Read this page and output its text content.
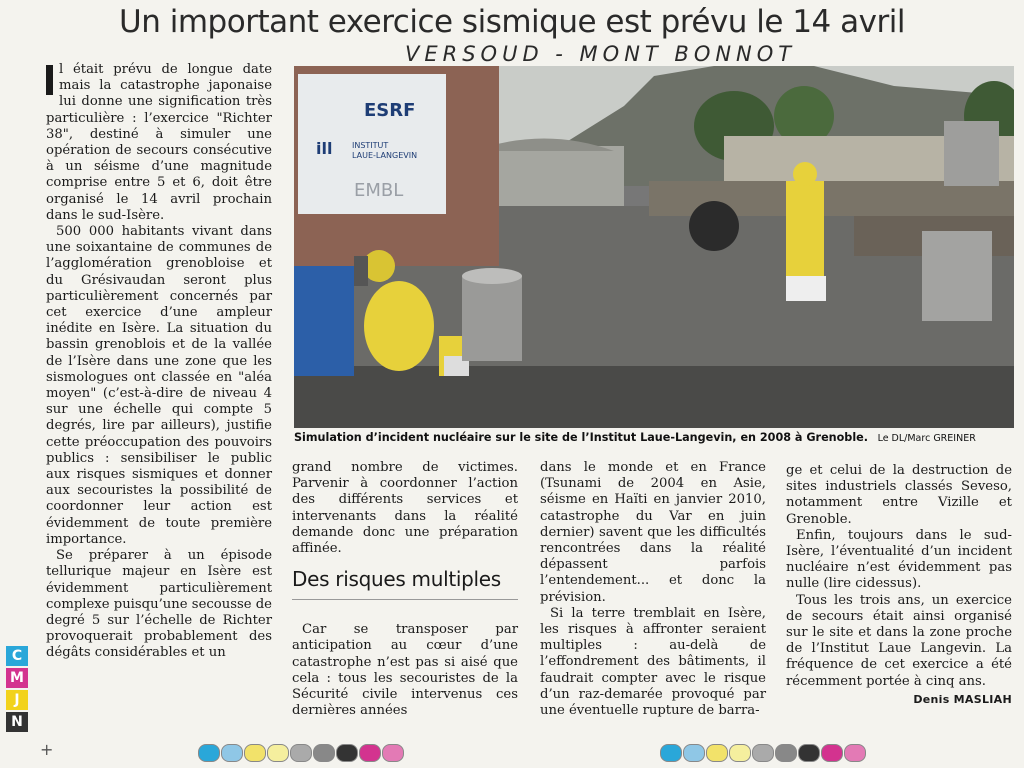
Un important exercice sismique est prévu le 14 avril
VERSOUD - MONT BONNOT

l était prévu de longue date mais la catastrophe japonaise lui donne une signification très particulière : l’exercice "Richter 38", destiné à simuler une opération de secours consécutive à un séisme d’une magnitude comprise entre 5 et 6, doit être organisé le 14 avril prochain dans le sud-Isère.

500 000 habitants vivant dans une soixantaine de communes de l’agglomération grenobloise et du Grésivaudan seront plus particulièrement concernés par cet exercice d’une ampleur inédite en Isère. La situation du bassin grenoblois et de la vallée de l’Isère dans une zone que les sismologues ont classée en "aléa moyen" (c’est-à-dire de niveau 4 sur une échelle qui compte 5 degrés, lire par ailleurs), justifie cette préoccupation des pouvoirs publics : sensibiliser le public aux risques sismiques et donner aux secouristes la possibilité de coordonner leur action est évidemment de toute première importance.

Se préparer à un épisode tellurique majeur en Isère est évidemment particulièrement complexe puisqu’une secousse de degré 5 sur l’échelle de Richter provoquerait probablement des dégâts considérables et un

ESRF
ill INSTITUT
LAUE-LANGEVIN
EMBL
Simulation d’incident nucléaire sur le site de l’Institut Laue-Langevin, en 2008 à Grenoble. Le DL/Marc GREINER

grand nombre de victimes. Parvenir à coordonner l’action des différents services et intervenants dans la réalité demande donc une préparation affinée.

Des risques multiples

Car se transposer par anticipation au cœur d’une catastrophe n’est pas si aisé que cela : tous les secouristes de la Sécurité civile intervenus ces dernières années

dans le monde et en France (Tsunami de 2004 en Asie, séisme en Haïti en janvier 2010, catastrophe du Var en juin dernier) savent que les difficultés rencontrées dans la réalité dépassent parfois l’entendement... et donc la prévision.

Si la terre tremblait en Isère, les risques à affronter seraient multiples : au-delà de l’effondrement des bâtiments, il faudrait compter avec le risque d’un raz-demarée provoqué par une éventuelle rupture de barra-

ge et celui de la destruction de sites industriels classés Seveso, notamment entre Vizille et Grenoble.

Enfin, toujours dans le sud-Isère, l’éventualité d’un incident nucléaire n’est évidemment pas nulle (lire cidessus).

Tous les trois ans, un exercice de secours était ainsi organisé sur le site et dans la zone proche de l’Institut Laue Langevin. La fréquence de cet exercice a été récemment portée à cinq ans.

Denis MASLIAH
C
M
J
N
+
